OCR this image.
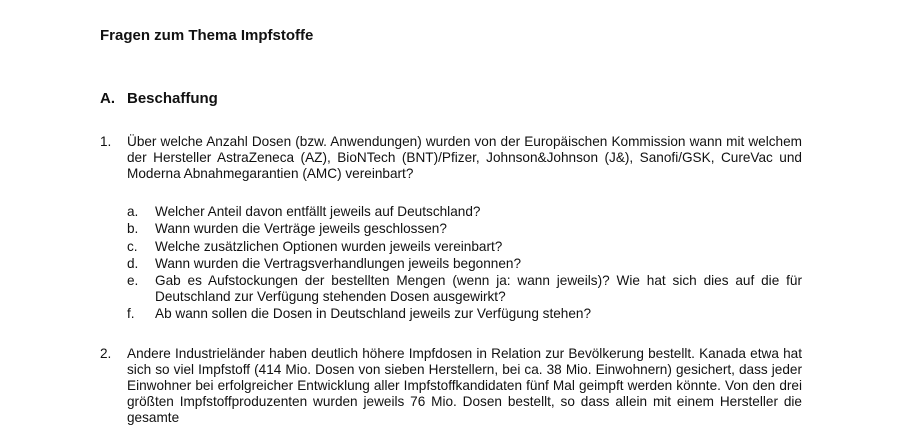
Fragen zum Thema Impfstoffe
A. Beschaffung
1. Über welche Anzahl Dosen (bzw. Anwendungen) wurden von der Europäischen Kommission wann mit welchem der Hersteller AstraZeneca (AZ), BioNTech (BNT)/Pfizer, Johnson&Johnson (J&), Sanofi/GSK, CureVac und Moderna Abnahmegarantien (AMC) vereinbart?
a. Welcher Anteil davon entfällt jeweils auf Deutschland?
b. Wann wurden die Verträge jeweils geschlossen?
c. Welche zusätzlichen Optionen wurden jeweils vereinbart?
d. Wann wurden die Vertragsverhandlungen jeweils begonnen?
e. Gab es Aufstockungen der bestellten Mengen (wenn ja: wann jeweils)? Wie hat sich dies auf die für Deutschland zur Verfügung stehenden Dosen ausgewirkt?
f. Ab wann sollen die Dosen in Deutschland jeweils zur Verfügung stehen?
2. Andere Industrieländer haben deutlich höhere Impfdosen in Relation zur Bevölkerung bestellt. Kanada etwa hat sich so viel Impfstoff (414 Mio. Dosen von sieben Herstellern, bei ca. 38 Mio. Einwohnern) gesichert, dass jeder Einwohner bei erfolgreicher Entwicklung aller Impfstoffkandidaten fünf Mal geimpft werden könnte. Von den drei größten Impfstoffproduzenten wurden jeweils 76 Mio. Dosen bestellt, so dass allein mit einem Hersteller die gesamte
